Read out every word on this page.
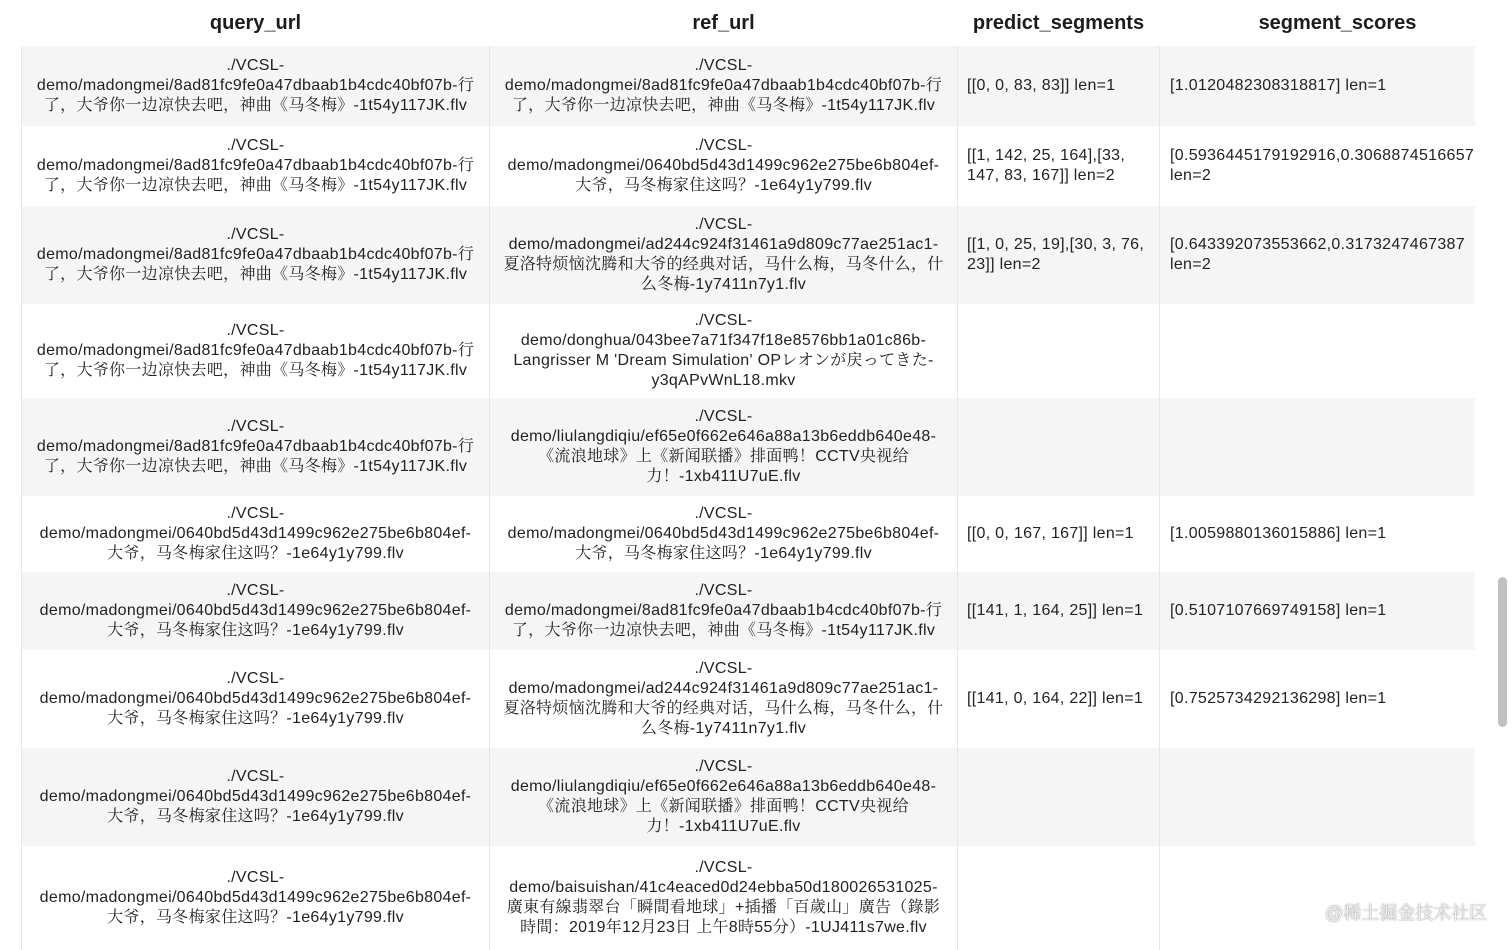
query_url	ref_url	predict_segments	segment_scores
./VCSL-demo/madongmei/8ad81fc9fe0a47dbaab1b4cdc40bf07b-行了，大爷你一边凉快去吧，神曲《马冬梅》-1t54y117JK.flv	./VCSL-demo/madongmei/8ad81fc9fe0a47dbaab1b4cdc40bf07b-行了，大爷你一边凉快去吧，神曲《马冬梅》-1t54y117JK.flv	[[0, 0, 83, 83]] len=1	[1.0120482308318817] len=1
./VCSL-demo/madongmei/8ad81fc9fe0a47dbaab1b4cdc40bf07b-行了，大爷你一边凉快去吧，神曲《马冬梅》-1t54y117JK.flv	./VCSL-demo/madongmei/0640bd5d43d1499c962e275be6b804ef-大爷，马冬梅家住这吗？-1e64y1y799.flv	[[1, 142, 25, 164],[33, 147, 83, 167]] len=2	[0.5936445179192916,0.3068874516657 len=2
./VCSL-demo/madongmei/8ad81fc9fe0a47dbaab1b4cdc40bf07b-行了，大爷你一边凉快去吧，神曲《马冬梅》-1t54y117JK.flv	./VCSL-demo/madongmei/ad244c924f31461a9d809c77ae251ac1-夏洛特烦恼沈腾和大爷的经典对话，马什么梅，马冬什么，什么冬梅-1y7411n7y1.flv	[[1, 0, 25, 19],[30, 3, 76, 23]] len=2	[0.643392073553662,0.3173247467387 len=2
./VCSL-demo/madongmei/8ad81fc9fe0a47dbaab1b4cdc40bf07b-行了，大爷你一边凉快去吧，神曲《马冬梅》-1t54y117JK.flv	./VCSL-demo/donghua/043bee7a71f347f18e8576bb1a01c86b-Langrisser M 'Dream Simulation' OPレオンが戻ってきた-y3qAPvWnL18.mkv		
./VCSL-demo/madongmei/8ad81fc9fe0a47dbaab1b4cdc40bf07b-行了，大爷你一边凉快去吧，神曲《马冬梅》-1t54y117JK.flv	./VCSL-demo/liulangdiqiu/ef65e0f662e646a88a13b6eddb640e48-《流浪地球》上《新闻联播》排面鸭！CCTV央视给力！-1xb411U7uE.flv		
./VCSL-demo/madongmei/0640bd5d43d1499c962e275be6b804ef-大爷，马冬梅家住这吗？-1e64y1y799.flv	./VCSL-demo/madongmei/0640bd5d43d1499c962e275be6b804ef-大爷，马冬梅家住这吗？-1e64y1y799.flv	[[0, 0, 167, 167]] len=1	[1.0059880136015886] len=1
./VCSL-demo/madongmei/0640bd5d43d1499c962e275be6b804ef-大爷，马冬梅家住这吗？-1e64y1y799.flv	./VCSL-demo/madongmei/8ad81fc9fe0a47dbaab1b4cdc40bf07b-行了，大爷你一边凉快去吧，神曲《马冬梅》-1t54y117JK.flv	[[141, 1, 164, 25]] len=1	[0.5107107669749158] len=1
./VCSL-demo/madongmei/0640bd5d43d1499c962e275be6b804ef-大爷，马冬梅家住这吗？-1e64y1y799.flv	./VCSL-demo/madongmei/ad244c924f31461a9d809c77ae251ac1-夏洛特烦恼沈腾和大爷的经典对话，马什么梅，马冬什么，什么冬梅-1y7411n7y1.flv	[[141, 0, 164, 22]] len=1	[0.7525734292136298] len=1
./VCSL-demo/madongmei/0640bd5d43d1499c962e275be6b804ef-大爷，马冬梅家住这吗？-1e64y1y799.flv	./VCSL-demo/liulangdiqiu/ef65e0f662e646a88a13b6eddb640e48-《流浪地球》上《新闻联播》排面鸭！CCTV央视给力！-1xb411U7uE.flv		
./VCSL-demo/madongmei/0640bd5d43d1499c962e275be6b804ef-大爷，马冬梅家住这吗？-1e64y1y799.flv	./VCSL-demo/baisuishan/41c4eaced0d24ebba50d180026531025-廣東有線翡翠台「瞬間看地球」+插播「百歲山」廣告（錄影時間：2019年12月23日 上午8時55分）-1UJ411s7we.flv		
@稀土掘金技术社区
